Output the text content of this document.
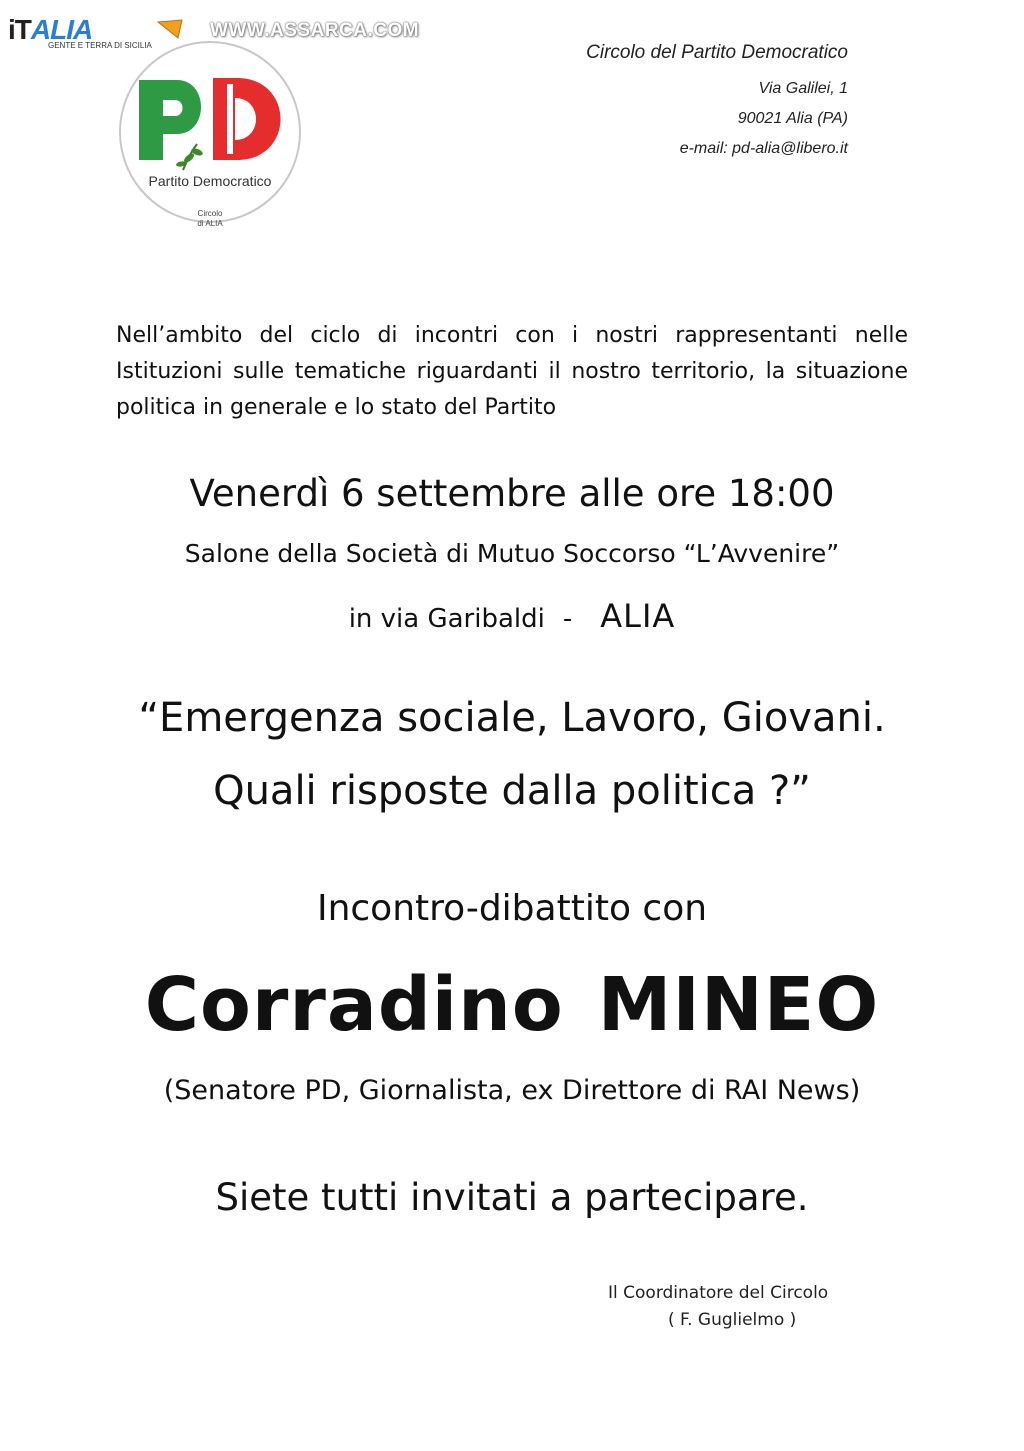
iTALIA
GENTE E TERRA DI SICILIA
WWW.ASSARCA.COM
Partito Democratico
Circolo
di ALIA
Circolo del Partito Democratico
Via Galilei, 1
90021 Alia (PA)
e-mail: pd-alia@libero.it
Nell’ambito del ciclo di incontri con i nostri rappresentanti nelle Istituzioni sulle tematiche riguardanti il nostro territorio, la situazione politica in generale e lo stato del Partito
Venerdì 6 settembre alle ore 18:00
Salone della Società di Mutuo Soccorso “L’Avvenire”
in via Garibaldi - ALIA
“Emergenza sociale, Lavoro, Giovani.
Quali risposte dalla politica ?”
Incontro-dibattito con
Corradino MINEO
(Senatore PD, Giornalista, ex Direttore di RAI News)
Siete tutti invitati a partecipare.
Il Coordinatore del Circolo
( F. Guglielmo )
